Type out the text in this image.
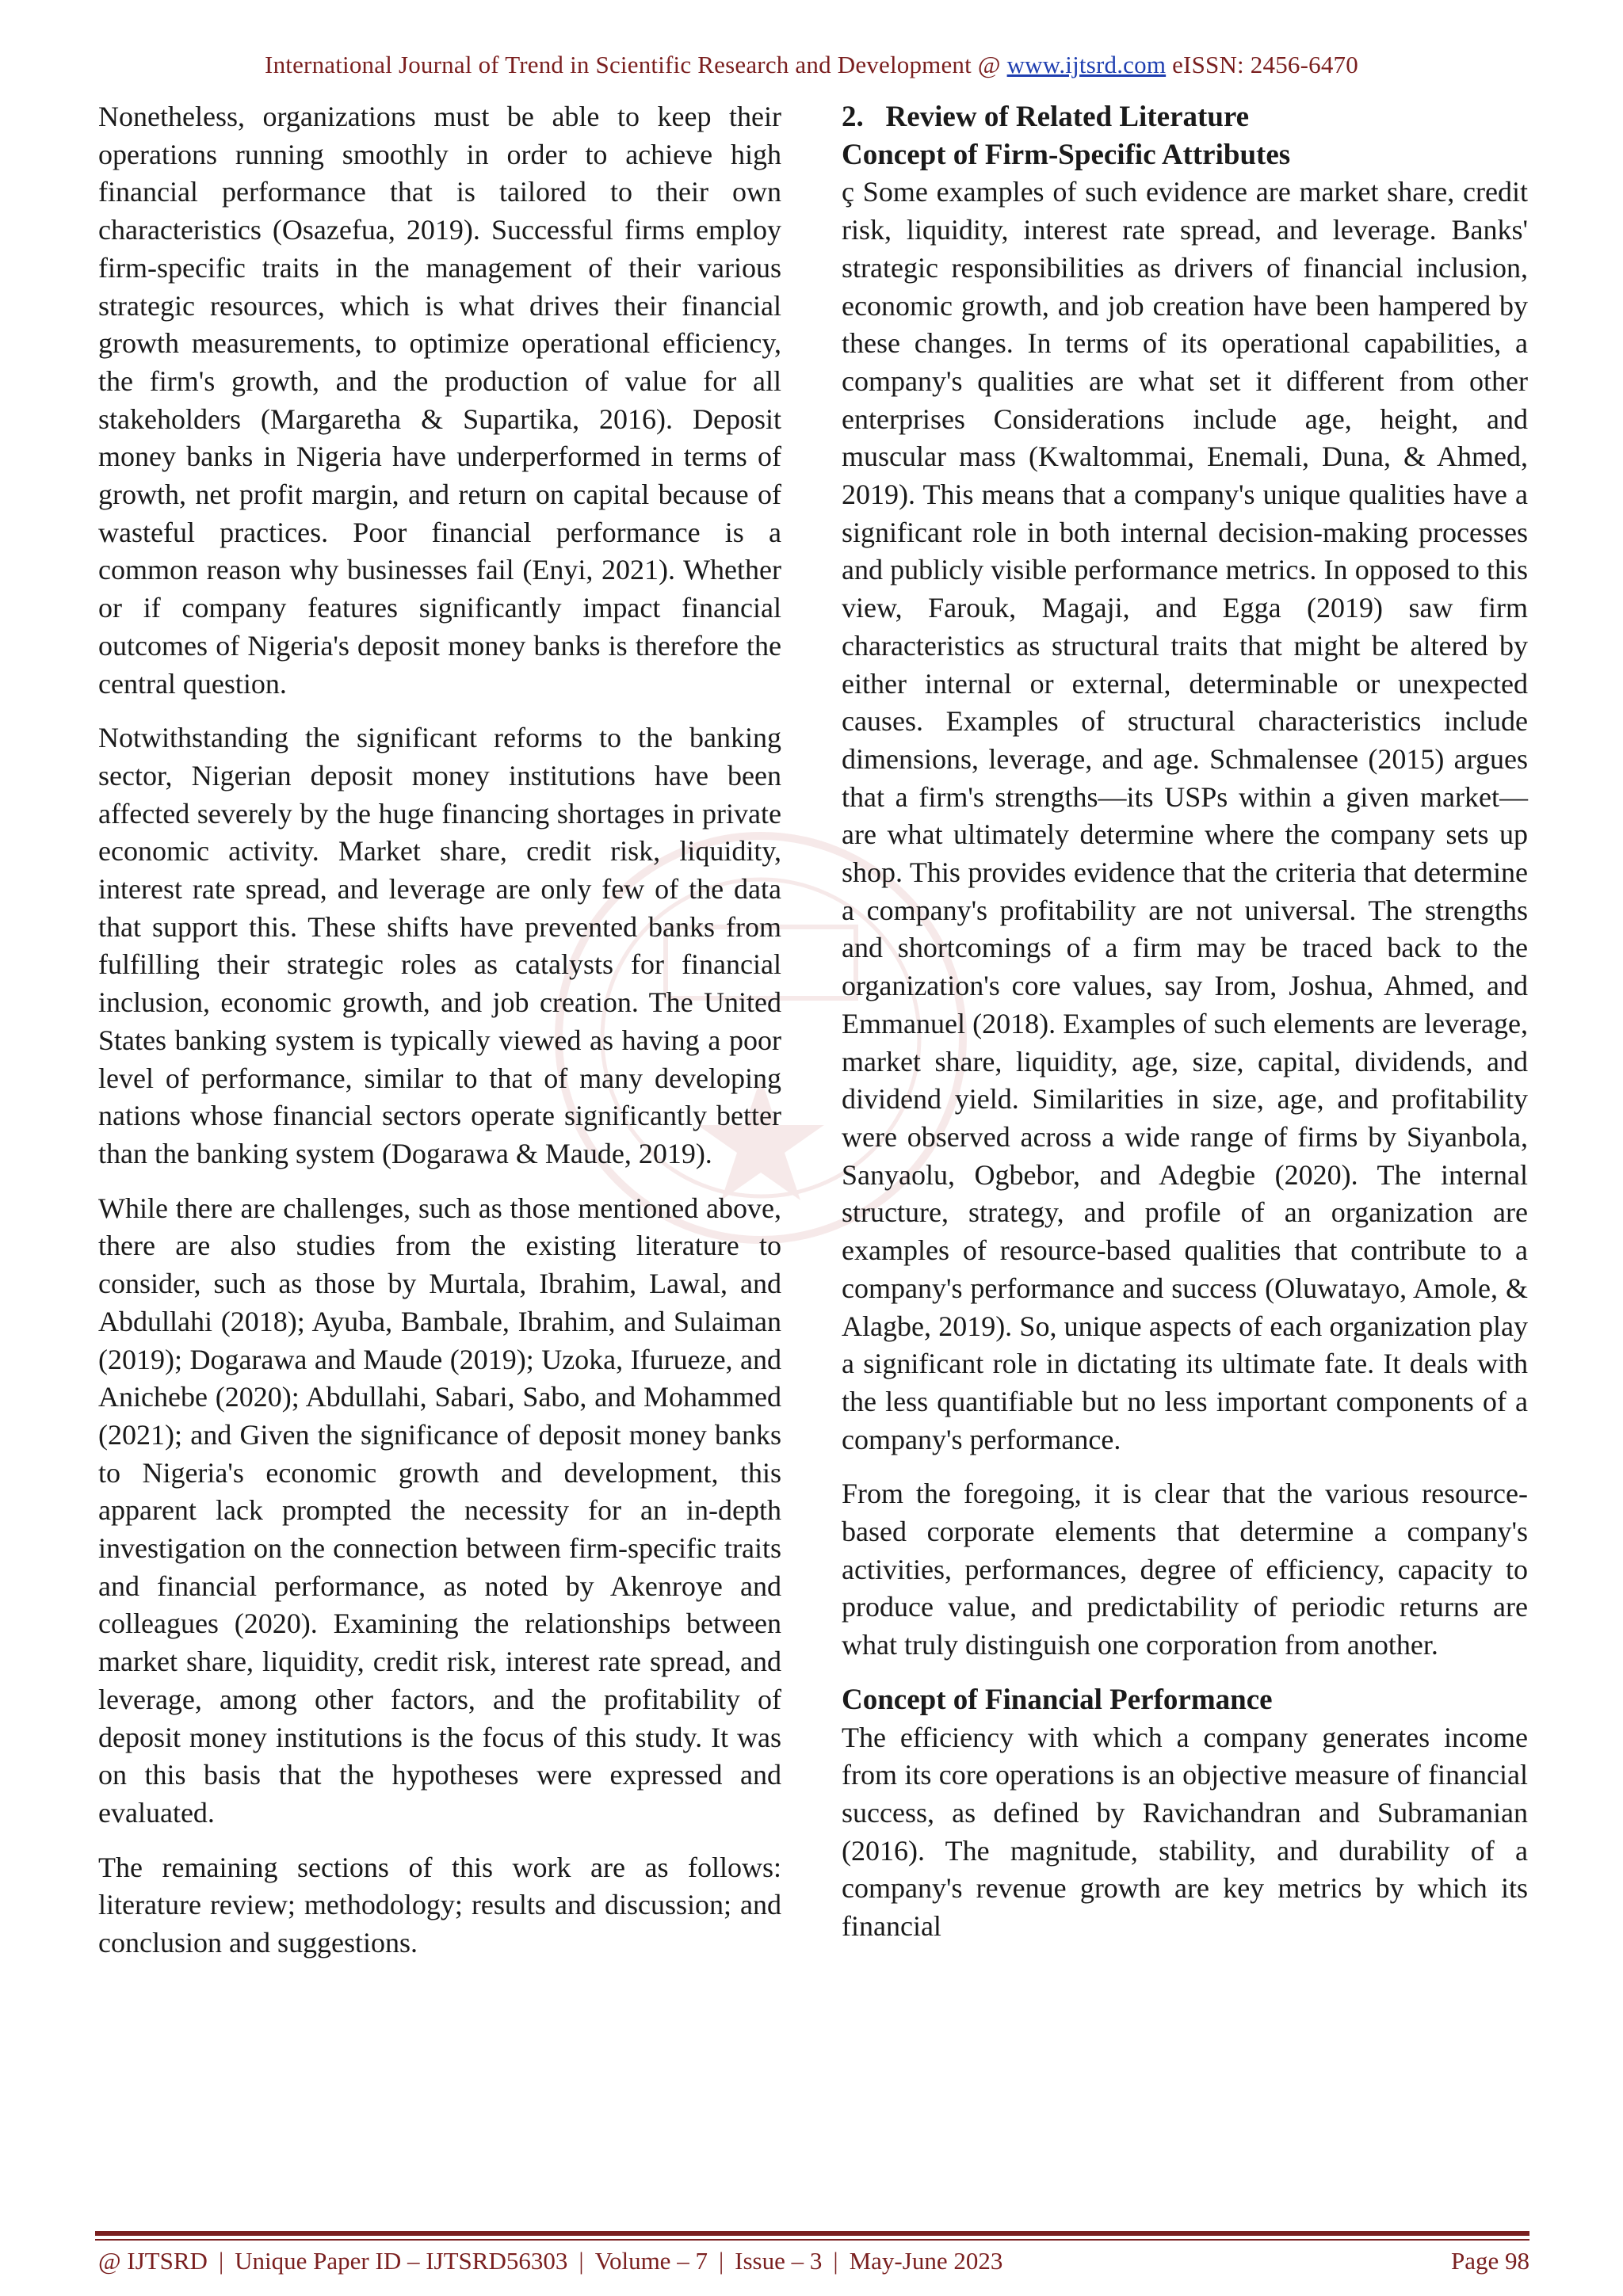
International Journal of Trend in Scientific Research and Development @ www.ijtsrd.com eISSN: 2456-6470

Nonetheless, organizations must be able to keep their operations running smoothly in order to achieve high financial performance that is tailored to their own characteristics (Osazefua, 2019). Successful firms employ firm-specific traits in the management of their various strategic resources, which is what drives their financial growth measurements, to optimize operational efficiency, the firm's growth, and the production of value for all stakeholders (Margaretha & Supartika, 2016). Deposit money banks in Nigeria have underperformed in terms of growth, net profit margin, and return on capital because of wasteful practices. Poor financial performance is a common reason why businesses fail (Enyi, 2021). Whether or if company features significantly impact financial outcomes of Nigeria's deposit money banks is therefore the central question.

Notwithstanding the significant reforms to the banking sector, Nigerian deposit money institutions have been affected severely by the huge financing shortages in private economic activity. Market share, credit risk, liquidity, interest rate spread, and leverage are only few of the data that support this. These shifts have prevented banks from fulfilling their strategic roles as catalysts for financial inclusion, economic growth, and job creation. The United States banking system is typically viewed as having a poor level of performance, similar to that of many developing nations whose financial sectors operate significantly better than the banking system (Dogarawa & Maude, 2019).

While there are challenges, such as those mentioned above, there are also studies from the existing literature to consider, such as those by Murtala, Ibrahim, Lawal, and Abdullahi (2018); Ayuba, Bambale, Ibrahim, and Sulaiman (2019); Dogarawa and Maude (2019); Uzoka, Ifurueze, and Anichebe (2020); Abdullahi, Sabari, Sabo, and Mohammed (2021); and Given the significance of deposit money banks to Nigeria's economic growth and development, this apparent lack prompted the necessity for an in-depth investigation on the connection between firm-specific traits and financial performance, as noted by Akenroye and colleagues (2020). Examining the relationships between market share, liquidity, credit risk, interest rate spread, and leverage, among other factors, and the profitability of deposit money institutions is the focus of this study. It was on this basis that the hypotheses were expressed and evaluated.

The remaining sections of this work are as follows: literature review; methodology; results and discussion; and conclusion and suggestions.

2.   Review of Related Literature
Concept of Firm-Specific Attributes

ç Some examples of such evidence are market share, credit risk, liquidity, interest rate spread, and leverage. Banks' strategic responsibilities as drivers of financial inclusion, economic growth, and job creation have been hampered by these changes. In terms of its operational capabilities, a company's qualities are what set it different from other enterprises Considerations include age, height, and muscular mass (Kwaltommai, Enemali, Duna, & Ahmed, 2019). This means that a company's unique qualities have a significant role in both internal decision-making processes and publicly visible performance metrics. In opposed to this view, Farouk, Magaji, and Egga (2019) saw firm characteristics as structural traits that might be altered by either internal or external, determinable or unexpected causes. Examples of structural characteristics include dimensions, leverage, and age. Schmalensee (2015) argues that a firm's strengths—its USPs within a given market—are what ultimately determine where the company sets up shop. This provides evidence that the criteria that determine a company's profitability are not universal. The strengths and shortcomings of a firm may be traced back to the organization's core values, say Irom, Joshua, Ahmed, and Emmanuel (2018). Examples of such elements are leverage, market share, liquidity, age, size, capital, dividends, and dividend yield. Similarities in size, age, and profitability were observed across a wide range of firms by Siyanbola, Sanyaolu, Ogbebor, and Adegbie (2020). The internal structure, strategy, and profile of an organization are examples of resource-based qualities that contribute to a company's performance and success (Oluwatayo, Amole, & Alagbe, 2019). So, unique aspects of each organization play a significant role in dictating its ultimate fate. It deals with the less quantifiable but no less important components of a company's performance.

From the foregoing, it is clear that the various resource-based corporate elements that determine a company's activities, performances, degree of efficiency, capacity to produce value, and predictability of periodic returns are what truly distinguish one corporation from another.

Concept of Financial Performance

The efficiency with which a company generates income from its core operations is an objective measure of financial success, as defined by Ravichandran and Subramanian (2016). The magnitude, stability, and durability of a company's revenue growth are key metrics by which its financial

@ IJTSRD | Unique Paper ID – IJTSRD56303 | Volume – 7 | Issue – 3 | May-June 2023	Page 98
